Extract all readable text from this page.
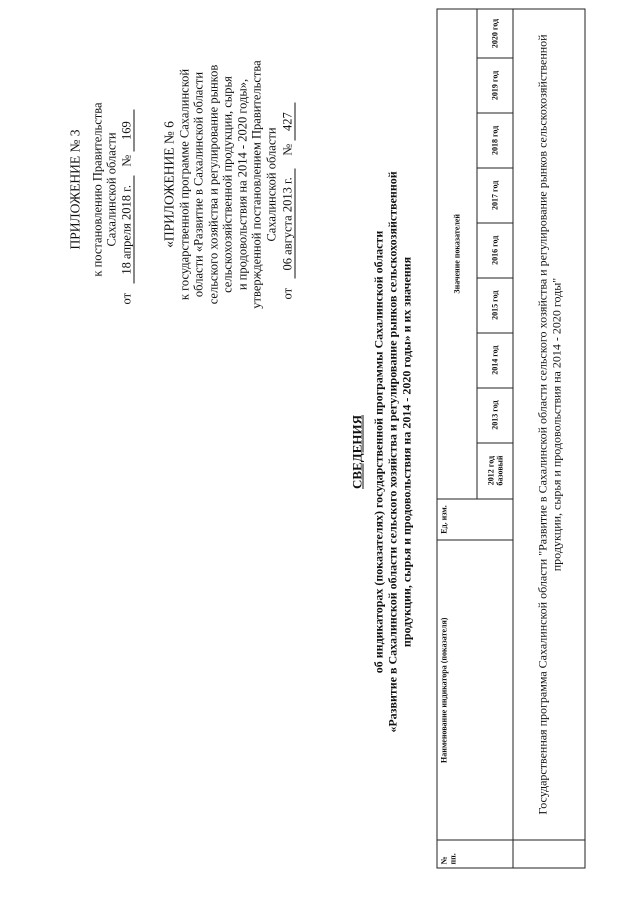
ПРИЛОЖЕНИЕ № 3 к постановлению Правительства Сахалинской области
от 18 апреля 2018 г. № 169 «ПРИЛОЖЕНИЕ № 6 к государственной программе Сахалинской области «Развитие в Сахалинской области сельского хозяйства и регулирование рынков сельскохозяйственной продукции, сырья и продовольствия на 2014 - 2020 годы», утвержденной постановлением Правительства Сахалинской области
от 06 августа 2013 г. № 427
СВЕДЕНИЯ об индикаторах (показателях) государственной программы Сахалинской области «Развитие в Сахалинской области сельского хозяйства и регулирование рынков сельскохозяйственной продукции, сырья и продовольствия на 2014 - 2020 годы» и их значения
№ пп.	Наименование индикатора (показателя)	Ед. изм.	Значение показателей								
			2012 год базовый	2013 год	2014 год	2015 год	2016 год	2017 год	2018 год	2019 год	2020 год
	Государственная программа Сахалинской области "Развитие в Сахалинской области сельского хозяйства и регулирование рынков сельскохозяйственной продукции, сырья и продовольствия на 2014 - 2020 годы"										
